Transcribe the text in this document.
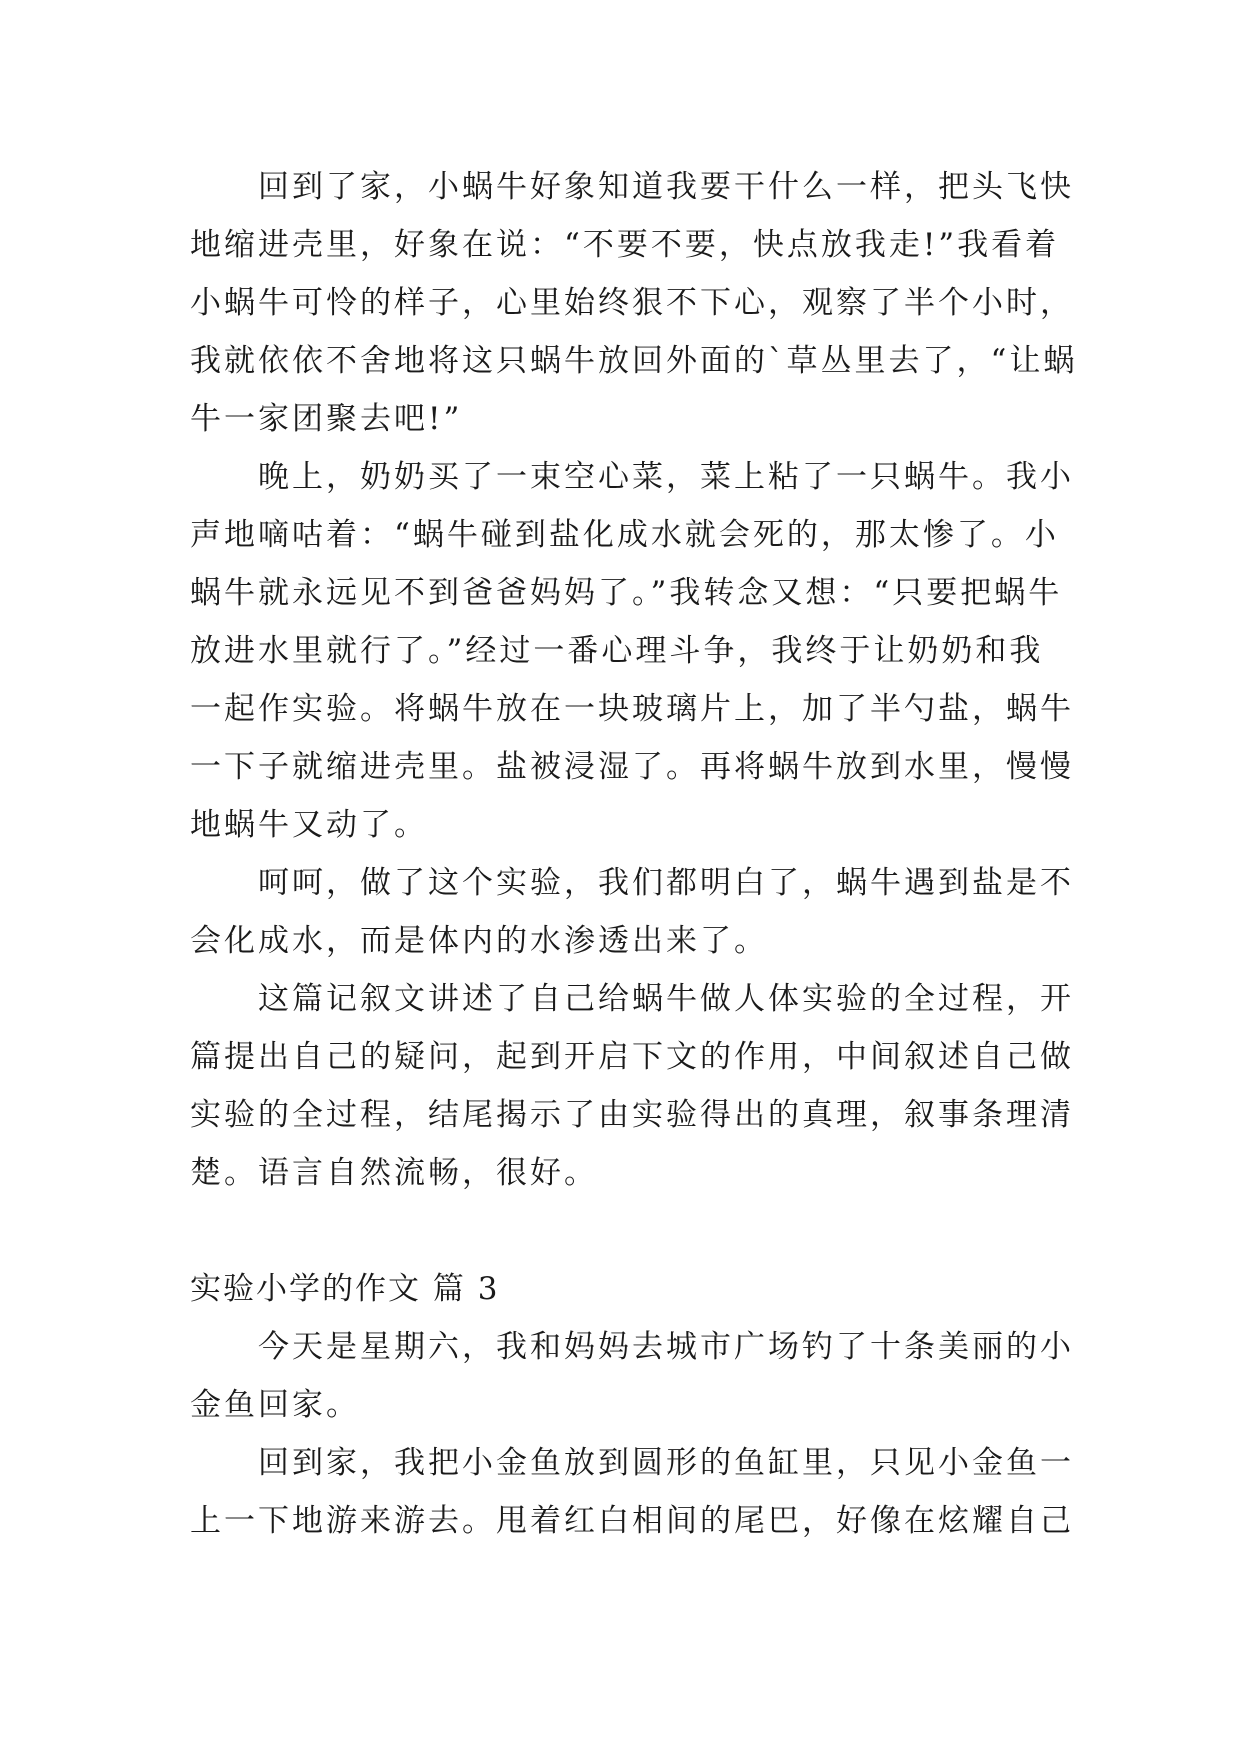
回到了家，小蜗牛好象知道我要干什么一样，把头飞快
地缩进壳里，好象在说：“不要不要，快点放我走!”我看着
小蜗牛可怜的样子，心里始终狠不下心，观察了半个小时，
我就依依不舍地将这只蜗牛放回外面的`草丛里去了，“让蜗
牛一家团聚去吧!”
晚上，奶奶买了一束空心菜，菜上粘了一只蜗牛。我小
声地嘀咕着：“蜗牛碰到盐化成水就会死的，那太惨了。小
蜗牛就永远见不到爸爸妈妈了。”我转念又想：“只要把蜗牛
放进水里就行了。”经过一番心理斗争，我终于让奶奶和我
一起作实验。将蜗牛放在一块玻璃片上，加了半勺盐，蜗牛
一下子就缩进壳里。盐被浸湿了。再将蜗牛放到水里，慢慢
地蜗牛又动了。
呵呵，做了这个实验，我们都明白了，蜗牛遇到盐是不
会化成水，而是体内的水渗透出来了。
这篇记叙文讲述了自己给蜗牛做人体实验的全过程，开
篇提出自己的疑问，起到开启下文的作用，中间叙述自己做
实验的全过程，结尾揭示了由实验得出的真理，叙事条理清
楚。语言自然流畅，很好。
实验小学的作文 篇 3
今天是星期六，我和妈妈去城市广场钓了十条美丽的小
金鱼回家。
回到家，我把小金鱼放到圆形的鱼缸里，只见小金鱼一
上一下地游来游去。甩着红白相间的尾巴，好像在炫耀自己
